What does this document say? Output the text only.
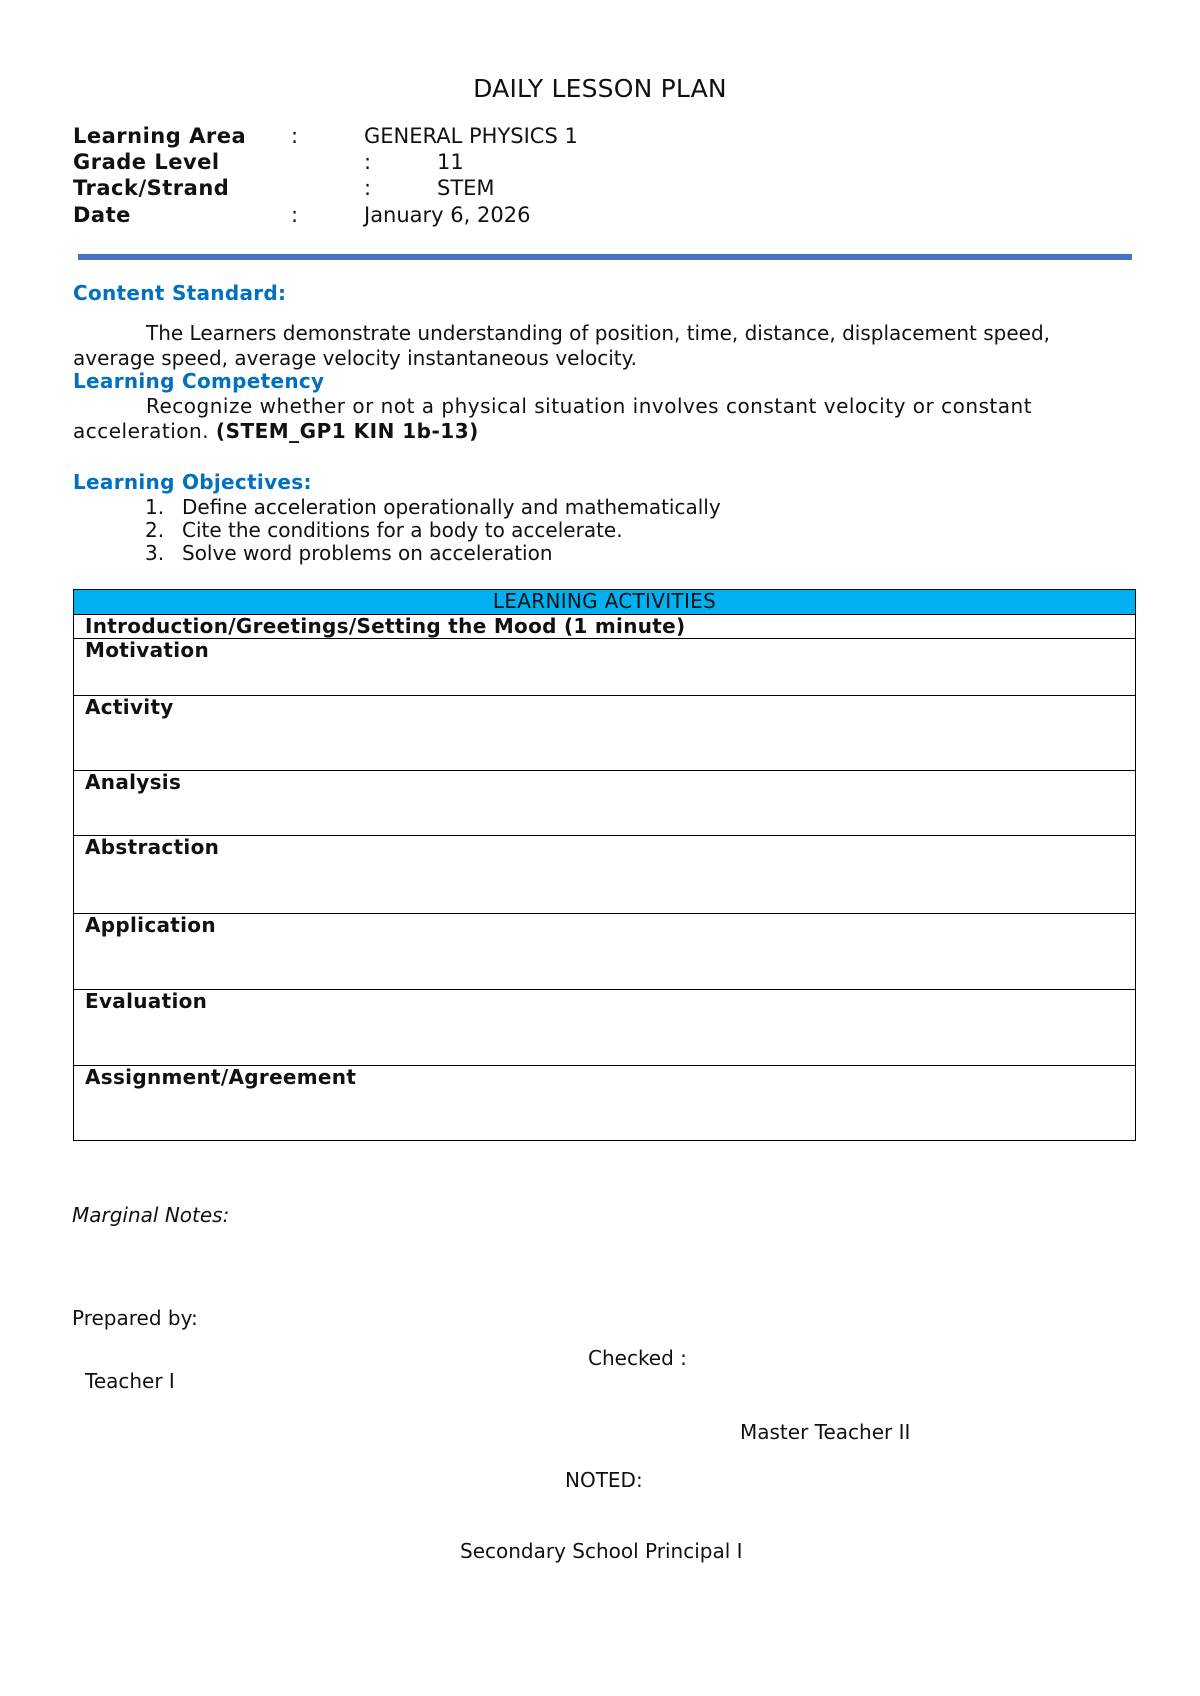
DAILY LESSON PLAN
Learning Area :	GENERAL PHYSICS 1
Grade Level	:	11
Track/Strand	:	STEM
Date	:	January 6, 2026
Content Standard:
The Learners demonstrate understanding of position, time, distance, displacement speed, average speed, average velocity instantaneous velocity.
Learning Competency
Recognize whether or not a physical situation involves constant velocity or constant acceleration. (STEM_GP1 KIN 1b-13)
Learning Objectives:
1. Define acceleration operationally and mathematically
2. Cite the conditions for a body to accelerate.
3. Solve word problems on acceleration
LEARNING ACTIVITIES
Introduction/Greetings/Setting the Mood (1 minute)
Motivation
Activity
Analysis
Abstraction
Application
Evaluation
Assignment/Agreement
Marginal Notes:
Prepared by:
Checked :
Teacher I
Master Teacher II
NOTED:
Secondary School Principal I
